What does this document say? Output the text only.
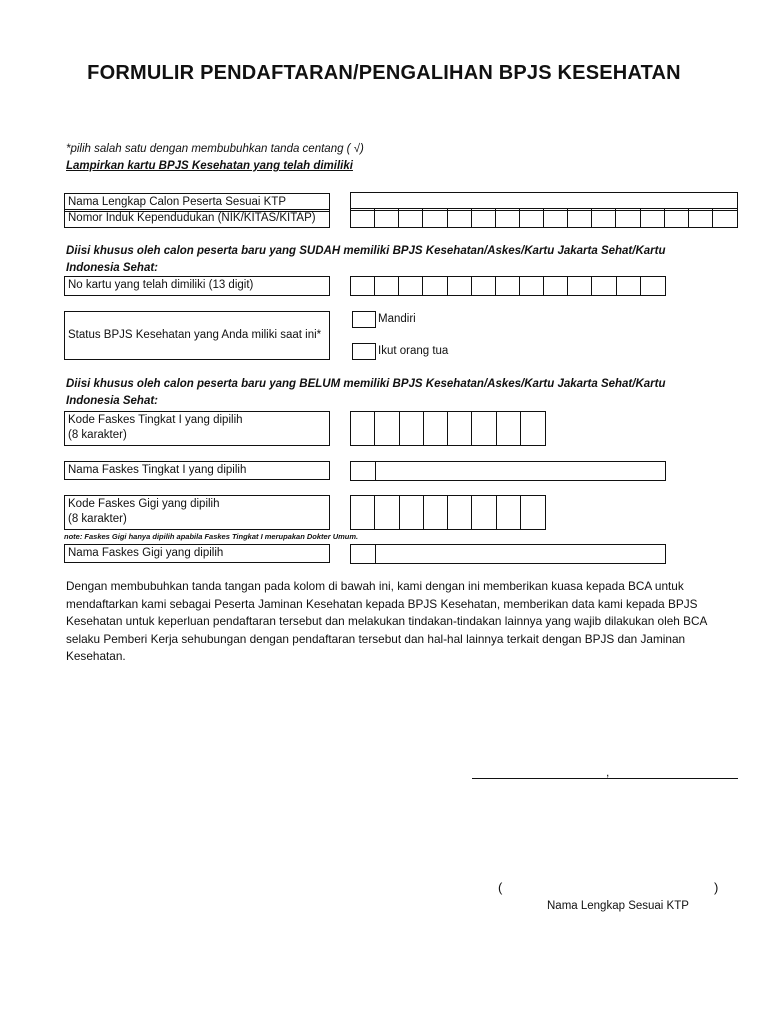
FORMULIR PENDAFTARAN/PENGALIHAN BPJS KESEHATAN
*pilih salah satu dengan membubuhkan tanda centang ( √)
Lampirkan kartu BPJS Kesehatan yang telah dimiliki
Nama Lengkap Calon Peserta Sesuai KTP
Nomor Induk Kependudukan (NIK/KITAS/KITAP)
Diisi khusus oleh calon peserta baru yang SUDAH memiliki BPJS Kesehatan/Askes/Kartu Jakarta Sehat/Kartu
Indonesia Sehat:
No kartu yang telah dimiliki (13 digit)
Status BPJS Kesehatan yang Anda miliki saat ini*
Mandiri
Ikut orang tua
Diisi khusus oleh calon peserta baru yang BELUM memiliki BPJS Kesehatan/Askes/Kartu Jakarta Sehat/Kartu
Indonesia Sehat:
Kode Faskes Tingkat I yang dipilih
(8 karakter)
Nama Faskes Tingkat I yang dipilih
Kode Faskes Gigi yang dipilih
(8 karakter)
note: Faskes Gigi hanya dipilih apabila Faskes Tingkat I merupakan Dokter Umum.
Nama Faskes Gigi yang dipilih
Dengan membubuhkan tanda tangan pada kolom di bawah ini, kami dengan ini memberikan kuasa kepada BCA untuk mendaftarkan kami sebagai Peserta Jaminan Kesehatan kepada BPJS Kesehatan, memberikan data kami kepada BPJS Kesehatan untuk keperluan pendaftaran tersebut dan melakukan tindakan-tindakan lainnya yang wajib dilakukan oleh BCA selaku Pemberi Kerja sehubungan dengan pendaftaran tersebut dan hal-hal lainnya terkait dengan BPJS dan Jaminan Kesehatan.
,
(	)
Nama Lengkap Sesuai KTP
